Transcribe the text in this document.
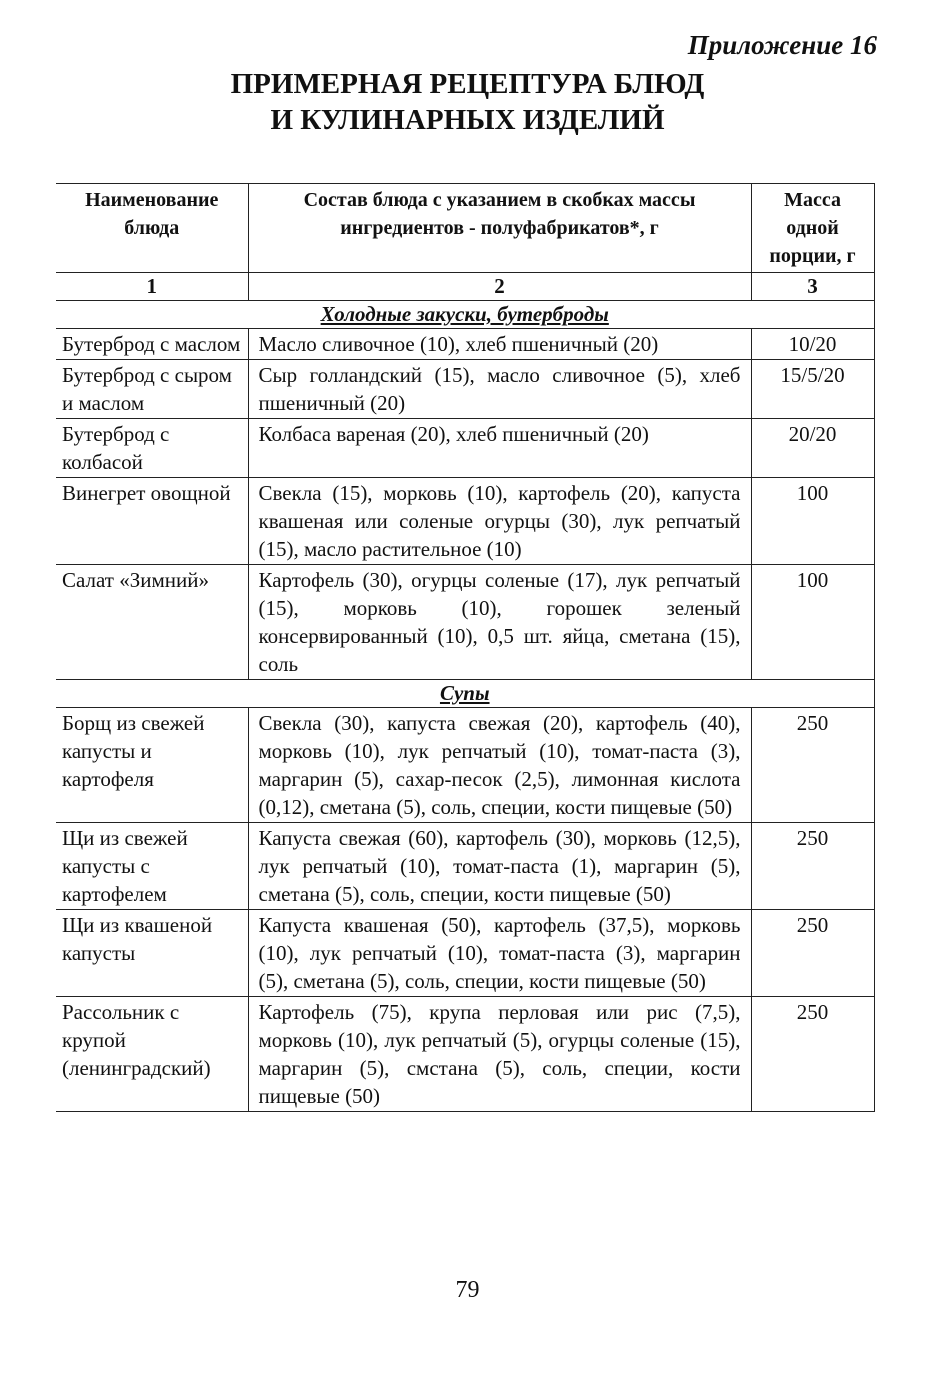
Приложение 16
ПРИМЕРНАЯ РЕЦЕПТУРА БЛЮД
И КУЛИНАРНЫХ ИЗДЕЛИЙ
Наименование блюда	Состав блюда с указанием в скобках массы ингредиентов - полуфабрикатов*, г	Масса одной порции, г
1	2	3
Холодные закуски, бутерброды		
Бутерброд с маслом	Масло сливочное (10), хлеб пшеничный (20)	10/20
Бутерброд с сыром и маслом	Сыр голландский (15), масло сливочное (5), хлеб пшеничный (20)	15/5/20
Бутерброд с колбасой	Колбаса вареная (20), хлеб пшеничный (20)	20/20
Винегрет овощной	Свекла (15), морковь (10), картофель (20), капуста квашеная или соленые огурцы (30), лук репчатый (15), масло растительное (10)	100
Салат «Зимний»	Картофель (30), огурцы соленые (17), лук репчатый (15), морковь (10), горошек зеленый консервированный (10), 0,5 шт. яйца, сметана (15), соль	100
Супы		
Борщ из свежей капусты и картофеля	Свекла (30), капуста свежая (20), картофель (40), морковь (10), лук репчатый (10), томат-паста (3), маргарин (5), сахар-песок (2,5), лимонная кислота (0,12), сметана (5), соль, специи, кости пищевые (50)	250
Щи из свежей капусты с картофелем	Капуста свежая (60), картофель (30), морковь (12,5), лук репчатый (10), томат-паста (1), маргарин (5), сметана (5), соль, специи, кости пищевые (50)	250
Щи из квашеной капусты	Капуста квашеная (50), картофель (37,5), морковь (10), лук репчатый (10), томат-паста (3), маргарин (5), сметана (5), соль, специи, кости пищевые (50)	250
Рассольник с крупой (ленинградский)	Картофель (75), крупа перловая или рис (7,5), морковь (10), лук репчатый (5), огурцы соленые (15), маргарин (5), смстана (5), соль, специи, кости пищевые (50)	250
79
